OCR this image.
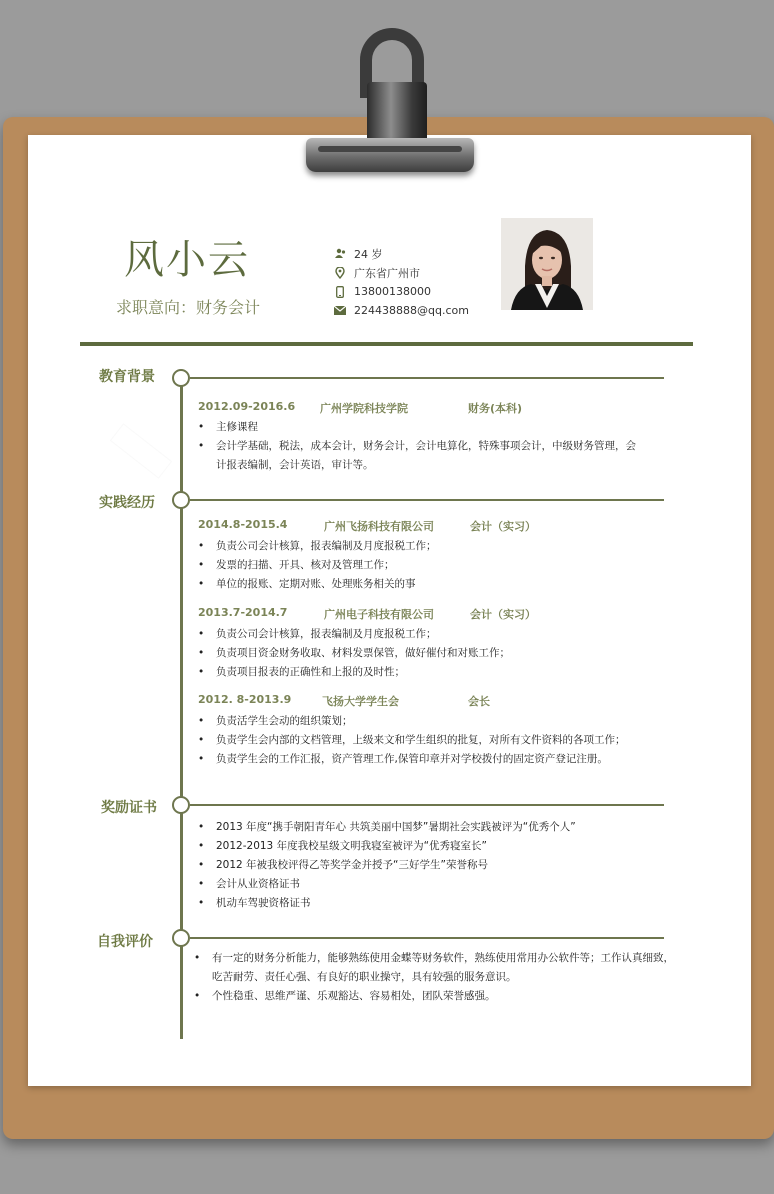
风小云
求职意向：财务会计
24 岁
广东省广州市
13800138000
224438888@qq.com
教育背景
2012.09-2016.6 广州学院科技学院	财务(本科)
• 主修课程
• 会计学基础，税法，成本会计，财务会计，会计电算化，特殊事项会计，中级财务管理，会
计报表编制，会计英语，审计等。
实践经历
2014.8-2015.4	广州飞扬科技有限公司	会计（实习）
• 负责公司会计核算，报表编制及月度报税工作；
• 发票的扫描、开具、核对及管理工作；
• 单位的报账、定期对账、处理账务相关的事
2013.7-2014.7	广州电子科技有限公司	会计（实习）
• 负责公司会计核算，报表编制及月度报税工作；
• 负责项目资金财务收取、材料发票保管，做好催付和对账工作；
• 负责项目报表的正确性和上报的及时性；
2012. 8-2013.9	飞扬大学学生会	会长
• 负责活学生会动的组织策划；
• 负责学生会内部的文档管理，上级来文和学生组织的批复，对所有文件资料的各项工作；
• 负责学生会的工作汇报，资产管理工作,保管印章并对学校拨付的固定资产登记注册。
奖励证书
• 2013 年度“携手朝阳青年心 共筑美丽中国梦”暑期社会实践被评为“优秀个人”
• 2012-2013 年度我校星级文明我寝室被评为“优秀寝室长”
• 2012 年被我校评得乙等奖学金并授予“三好学生”荣誉称号
• 会计从业资格证书
• 机动车驾驶资格证书
自我评价
• 有一定的财务分析能力，能够熟练使用金蝶等财务软件，熟练使用常用办公软件等；工作认真细致，
吃苦耐劳、责任心强、有良好的职业操守，具有较强的服务意识。
• 个性稳重、思维严谨、乐观豁达、容易相处，团队荣誉感强。
